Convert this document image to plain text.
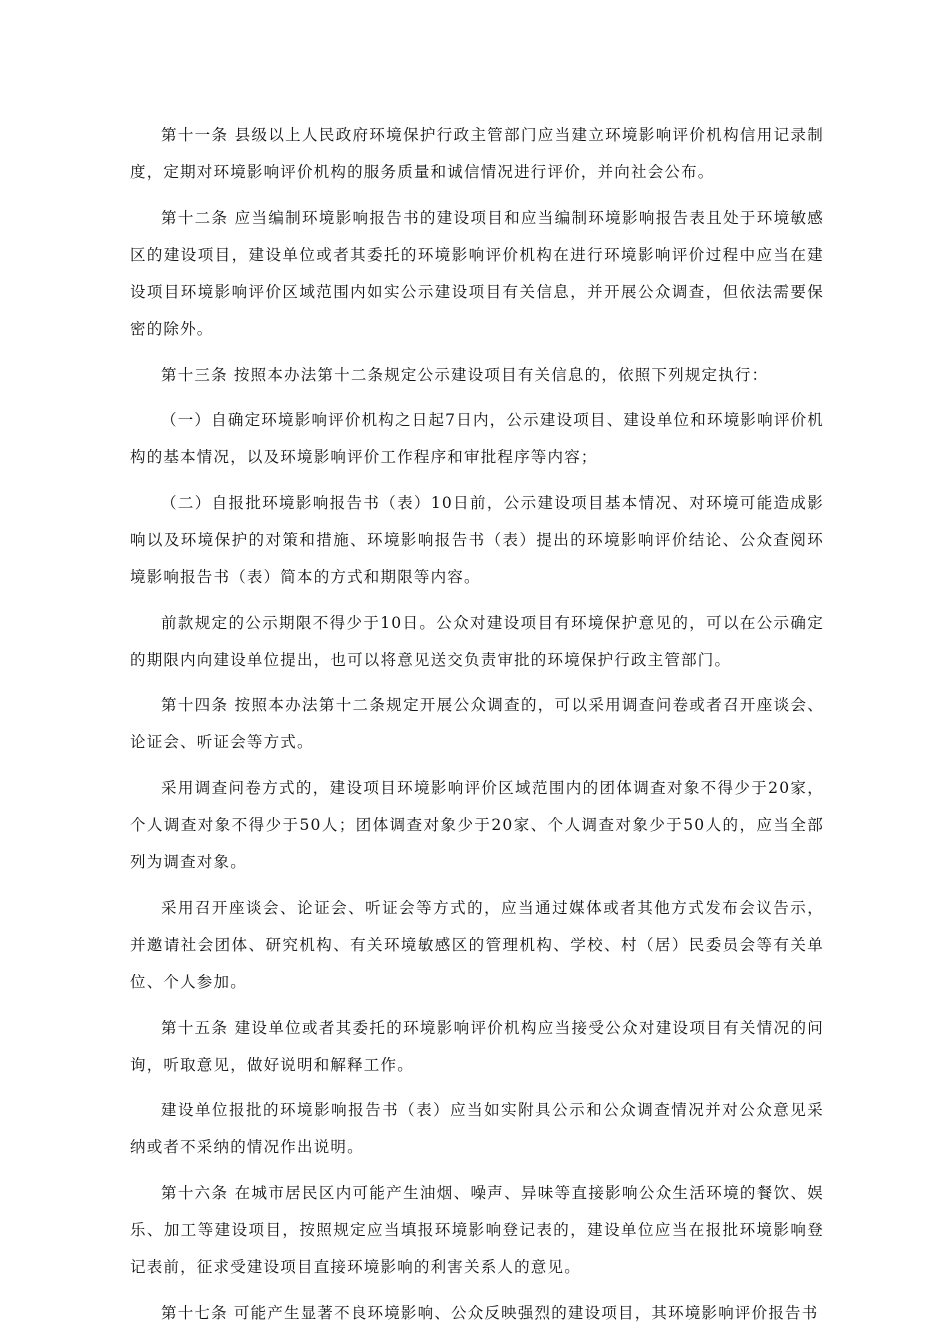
第十一条 县级以上人民政府环境保护行政主管部门应当建立环境影响评价机构信用记录制度，定期对环境影响评价机构的服务质量和诚信情况进行评价，并向社会公布。

第十二条 应当编制环境影响报告书的建设项目和应当编制环境影响报告表且处于环境敏感区的建设项目，建设单位或者其委托的环境影响评价机构在进行环境影响评价过程中应当在建设项目环境影响评价区域范围内如实公示建设项目有关信息，并开展公众调查，但依法需要保密的除外。

第十三条 按照本办法第十二条规定公示建设项目有关信息的，依照下列规定执行：

（一）自确定环境影响评价机构之日起7日内，公示建设项目、建设单位和环境影响评价机构的基本情况，以及环境影响评价工作程序和审批程序等内容；

（二）自报批环境影响报告书（表）10日前，公示建设项目基本情况、对环境可能造成影响以及环境保护的对策和措施、环境影响报告书（表）提出的环境影响评价结论、公众查阅环境影响报告书（表）简本的方式和期限等内容。

前款规定的公示期限不得少于10日。公众对建设项目有环境保护意见的，可以在公示确定的期限内向建设单位提出，也可以将意见送交负责审批的环境保护行政主管部门。

第十四条 按照本办法第十二条规定开展公众调查的，可以采用调查问卷或者召开座谈会、论证会、听证会等方式。

采用调查问卷方式的，建设项目环境影响评价区域范围内的团体调查对象不得少于20家，个人调查对象不得少于50人；团体调查对象少于20家、个人调查对象少于50人的，应当全部列为调查对象。

采用召开座谈会、论证会、听证会等方式的，应当通过媒体或者其他方式发布会议告示，并邀请社会团体、研究机构、有关环境敏感区的管理机构、学校、村（居）民委员会等有关单位、个人参加。

第十五条 建设单位或者其委托的环境影响评价机构应当接受公众对建设项目有关情况的问询，听取意见，做好说明和解释工作。

建设单位报批的环境影响报告书（表）应当如实附具公示和公众调查情况并对公众意见采纳或者不采纳的情况作出说明。

第十六条 在城市居民区内可能产生油烟、噪声、异味等直接影响公众生活环境的餐饮、娱乐、加工等建设项目，按照规定应当填报环境影响登记表的，建设单位应当在报批环境影响登记表前，征求受建设项目直接环境影响的利害关系人的意见。

第十七条 可能产生显著不良环境影响、公众反映强烈的建设项目，其环境影响评价报告书
